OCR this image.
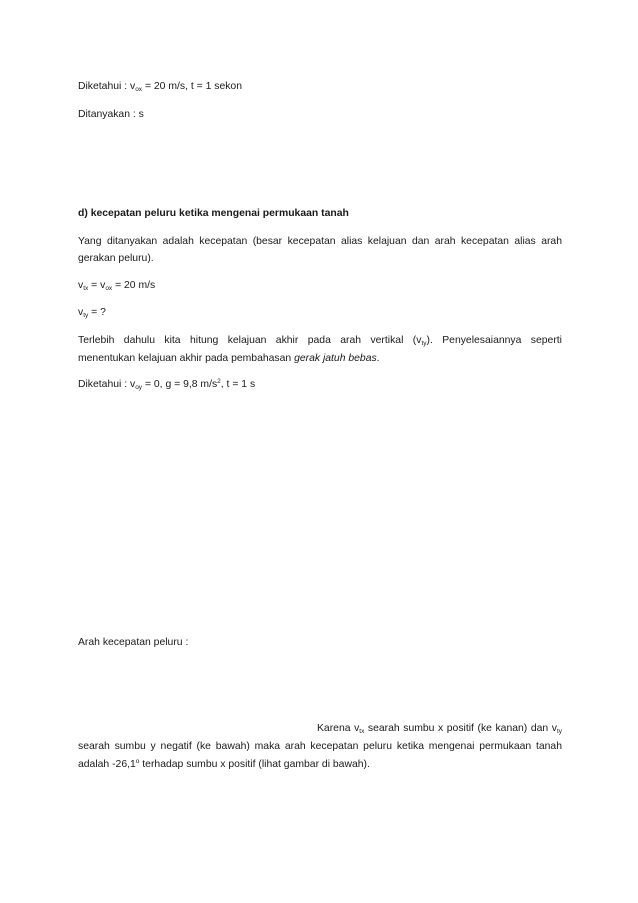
Diketahui : $v_{ox} = 20$ m/s, t = 1 sekon
Ditanyakan : s
d) kecepatan peluru ketika mengenai permukaan tanah
Yang ditanyakan adalah kecepatan (besar kecepatan alias kelajuan dan arah kecepatan alias arah
gerakan peluru).
$v_{tx} = v_{ox} = 20$ m/s
$v_{ty}$ = ?
Terlebih dahulu kita hitung kelajuan akhir pada arah vertikal $(v_{ty})$. Penyelesaiannya seperti
menentukan kelajuan akhir pada pembahasan gerak jatuh bebas.
Diketahui : $v_{oy} = 0$, g = 9,8 $m/s^2$, t = 1 s
Arah kecepatan peluru :
Karena $v_{tx}$ searah sumbu x positif (ke kanan) dan $v_{ty}$
searah sumbu y negatif (ke bawah) maka arah kecepatan peluru ketika mengenai permukaan tanah
adalah -26,1$^o$ terhadap sumbu x positif (lihat gambar di bawah).
